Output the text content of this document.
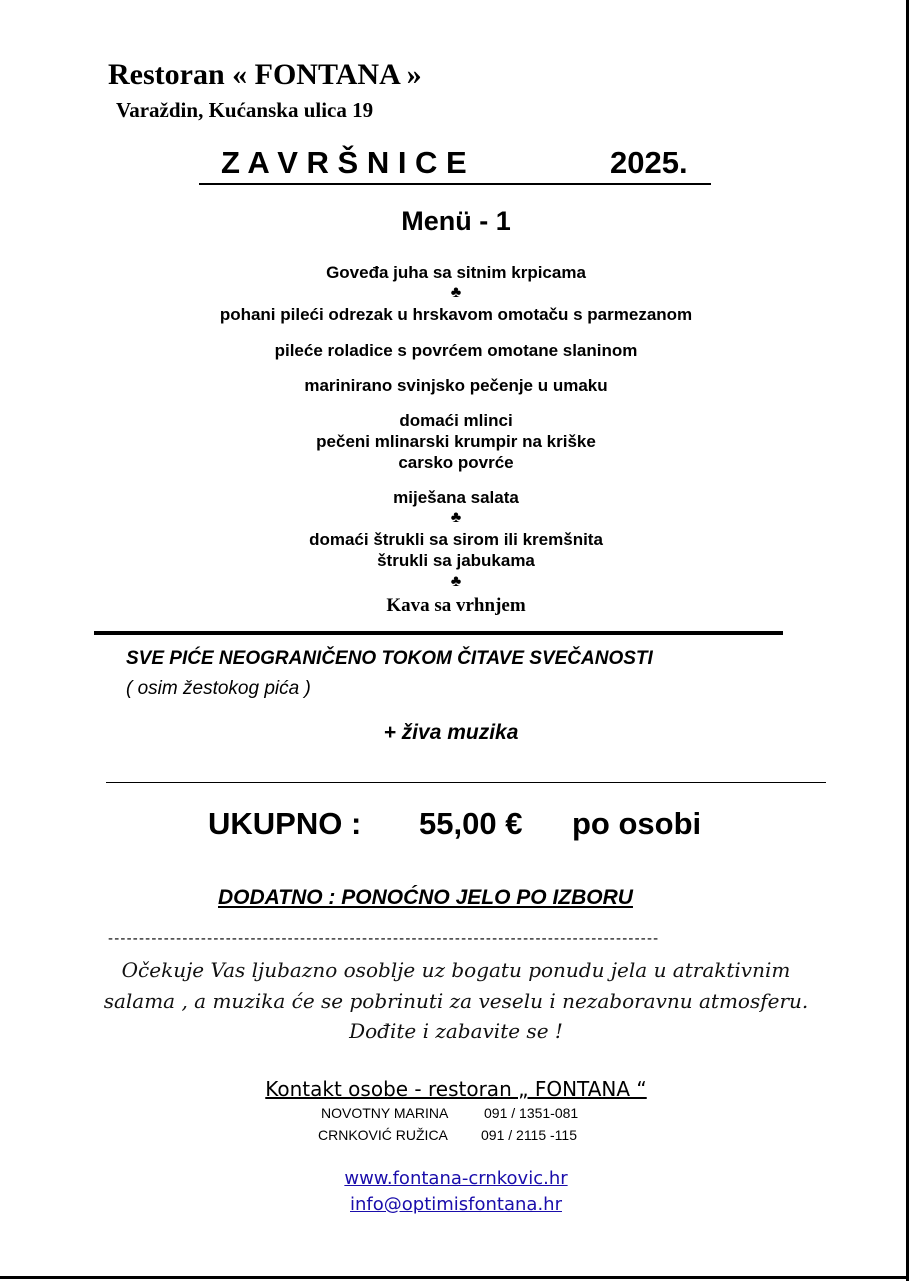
Restoran « FONTANA »
Varaždin, Kućanska ulica 19
Z A V R Š N I C E	2025.
Menü - 1
Goveđa juha sa sitnim krpicama
♣
pohani pileći odrezak u hrskavom omotaču s parmezanom
pileće roladice s povrćem omotane slaninom
marinirano svinjsko pečenje u umaku
domaći mlinci
pečeni mlinarski krumpir na kriške
carsko povrće
miješana salata
♣
domaći štrukli sa sirom ili kremšnita
štrukli sa jabukama
♣
Kava sa vrhnjem
SVE PIĆE NEOGRANIČENO TOKOM ČITAVE SVEČANOSTI
( osim žestokog pića )
+ živa muzika
UKUPNO : 55,00 € po osobi
DODATNO : PONOĆNO JELO PO IZBORU
-----------------------------------------------------------------------------------------
Očekuje Vas ljubazno osoblje uz bogatu ponudu jela u atraktivnim
salama , a muzika će se pobrinuti za veselu i nezaboravnu atmosferu.
Dođite i zabavite se !
Kontakt osobe - restoran „ FONTANA “
NOVOTNY MARINA	091 / 1351-081
CRNKOVIĆ RUŽICA 091 / 2115 -115
www.fontana-crnkovic.hr
info@optimisfontana.hr
